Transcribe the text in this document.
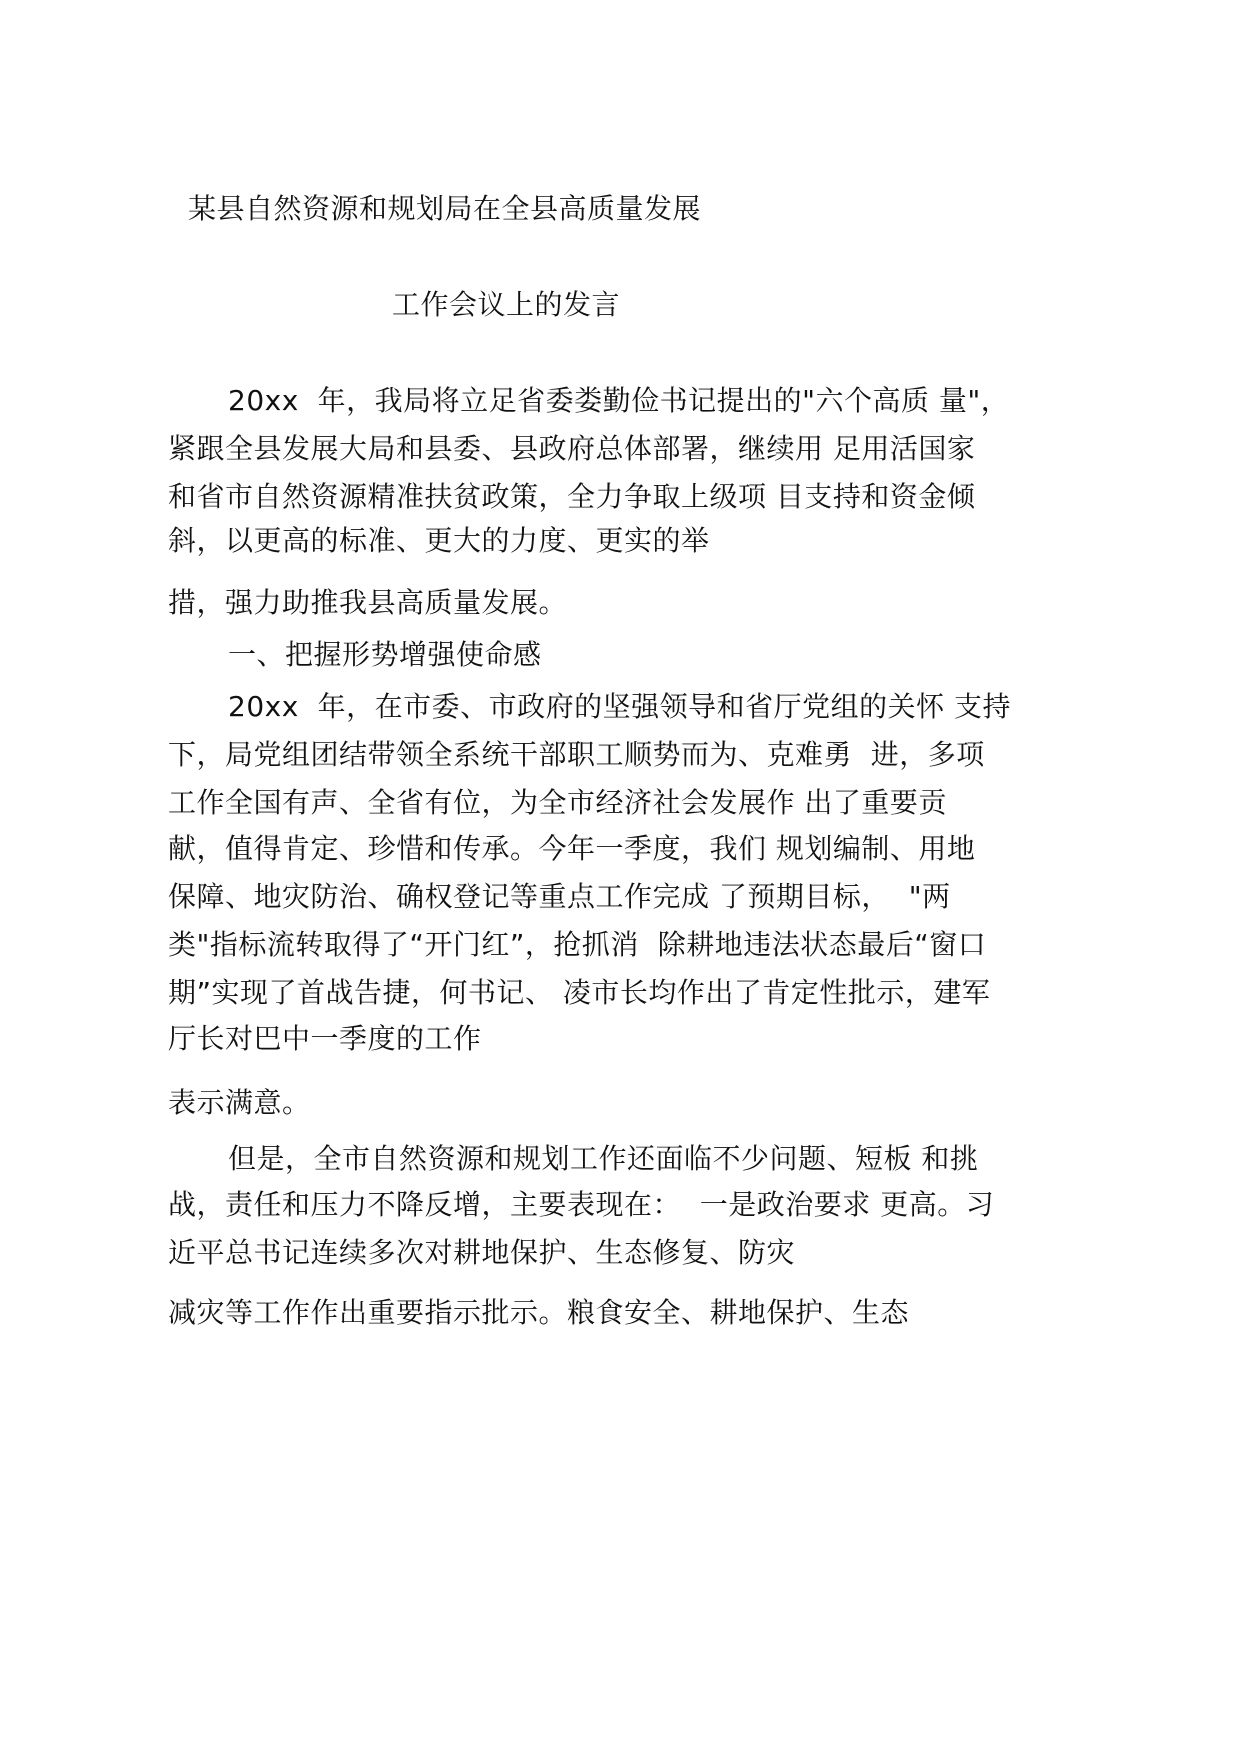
某县自然资源和规划局在全县高质量发展
工作会议上的发言
20xx  年，我局将立足省委娄勤俭书记提出的"六个高质 量"，
紧跟全县发展大局和县委、县政府总体部署，继续用 足用活国家
和省市自然资源精准扶贫政策，全力争取上级项 目支持和资金倾
斜，以更高的标准、更大的力度、更实的举
措，强力助推我县高质量发展。
一、把握形势增强使命感
20xx  年，在市委、市政府的坚强领导和省厅党组的关怀 支持
下，局党组团结带领全系统干部职工顺势而为、克难勇  进，多项
工作全国有声、全省有位，为全市经济社会发展作 出了重要贡
献，值得肯定、珍惜和传承。今年一季度，我们 规划编制、用地
保障、地灾防治、确权登记等重点工作完成 了预期目标，  "两
类"指标流转取得了“开门红”，抢抓消  除耕地违法状态最后“窗口
期”实现了首战告捷，何书记、 凌市长均作出了肯定性批示，建军
厅长对巴中一季度的工作
表示满意。
但是，全市自然资源和规划工作还面临不少问题、短板 和挑
战，责任和压力不降反增，主要表现在：  一是政治要求 更高。习
近平总书记连续多次对耕地保护、生态修复、防灾
减灾等工作作出重要指示批示。粮食安全、耕地保护、生态
